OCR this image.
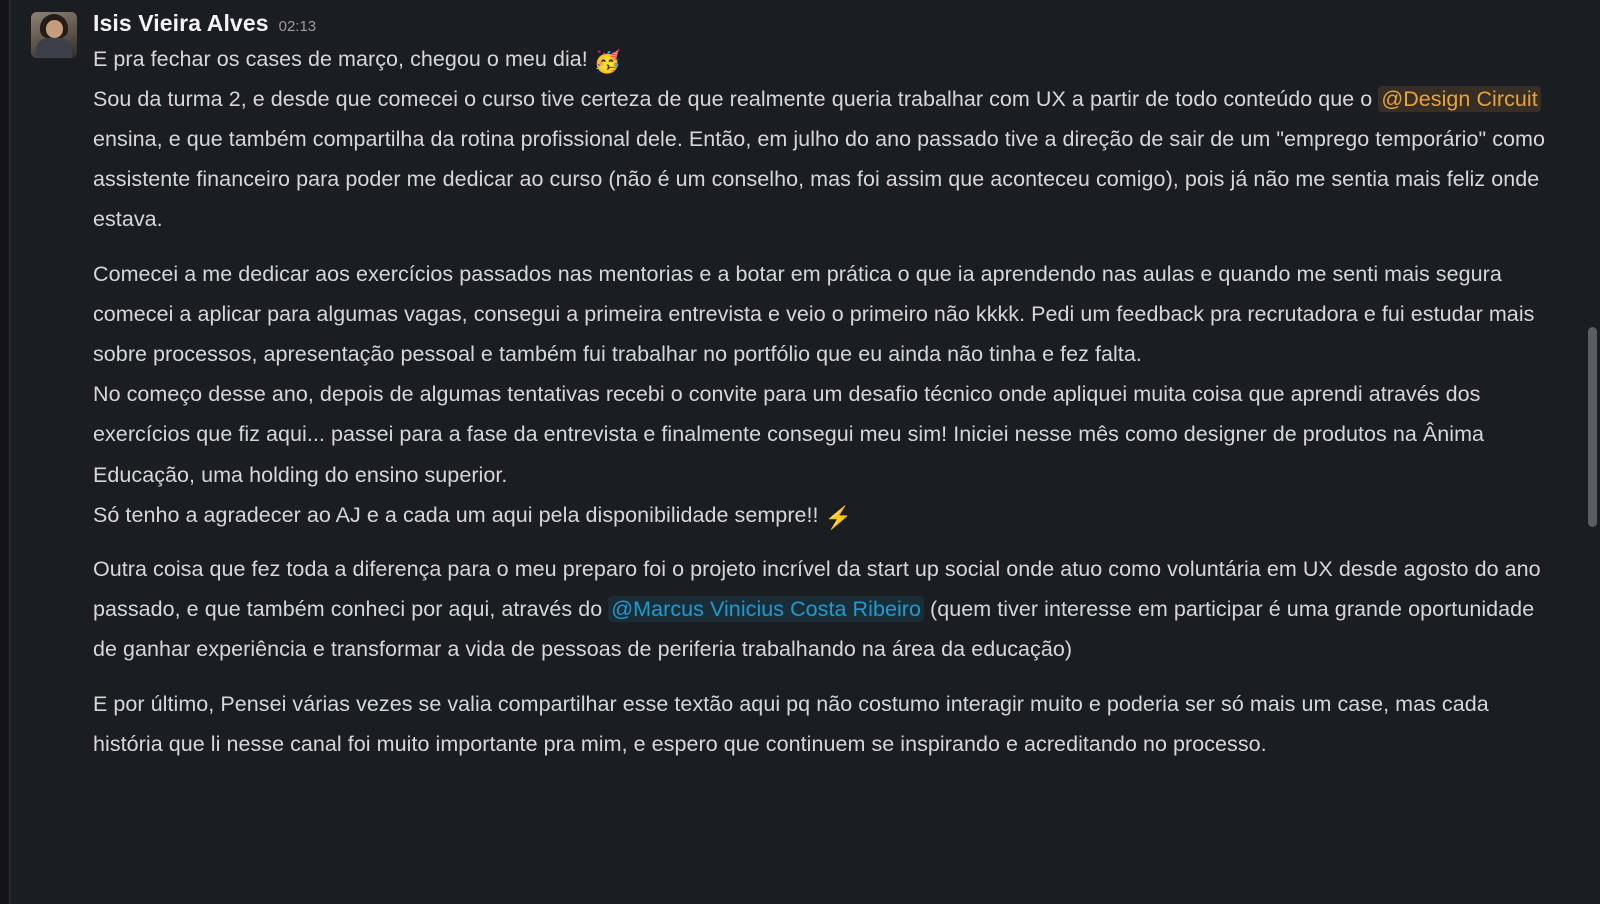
Isis Vieira Alves 02:13

E pra fechar os cases de março, chegou o meu dia! 🥳

Sou da turma 2, e desde que comecei o curso tive certeza de que realmente queria trabalhar com UX a partir de todo conteúdo que o @Design Circuit ensina, e que também compartilha da rotina profissional dele. Então, em julho do ano passado tive a direção de sair de um "emprego temporário" como assistente financeiro para poder me dedicar ao curso (não é um conselho, mas foi assim que aconteceu comigo), pois já não me sentia mais feliz onde estava.

Comecei a me dedicar aos exercícios passados nas mentorias e a botar em prática o que ia aprendendo nas aulas e quando me senti mais segura comecei a aplicar para algumas vagas, consegui a primeira entrevista e veio o primeiro não kkkk. Pedi um feedback pra recrutadora e fui estudar mais sobre processos, apresentação pessoal e também fui trabalhar no portfólio que eu ainda não tinha e fez falta.

No começo desse ano, depois de algumas tentativas recebi o convite para um desafio técnico onde apliquei muita coisa que aprendi através dos exercícios que fiz aqui... passei para a fase da entrevista e finalmente consegui meu sim! Iniciei nesse mês como designer de produtos na Ânima Educação, uma holding do ensino superior.

Só tenho a agradecer ao AJ e a cada um aqui pela disponibilidade sempre!! ⚡

Outra coisa que fez toda a diferença para o meu preparo foi o projeto incrível da start up social onde atuo como voluntária em UX desde agosto do ano passado, e que também conheci por aqui, através do @Marcus Vinicius Costa Ribeiro (quem tiver interesse em participar é uma grande oportunidade de ganhar experiência e transformar a vida de pessoas de periferia trabalhando na área da educação)

E por último, Pensei várias vezes se valia compartilhar esse textão aqui pq não costumo interagir muito e poderia ser só mais um case, mas cada história que li nesse canal foi muito importante pra mim, e espero que continuem se inspirando e acreditando no processo.
